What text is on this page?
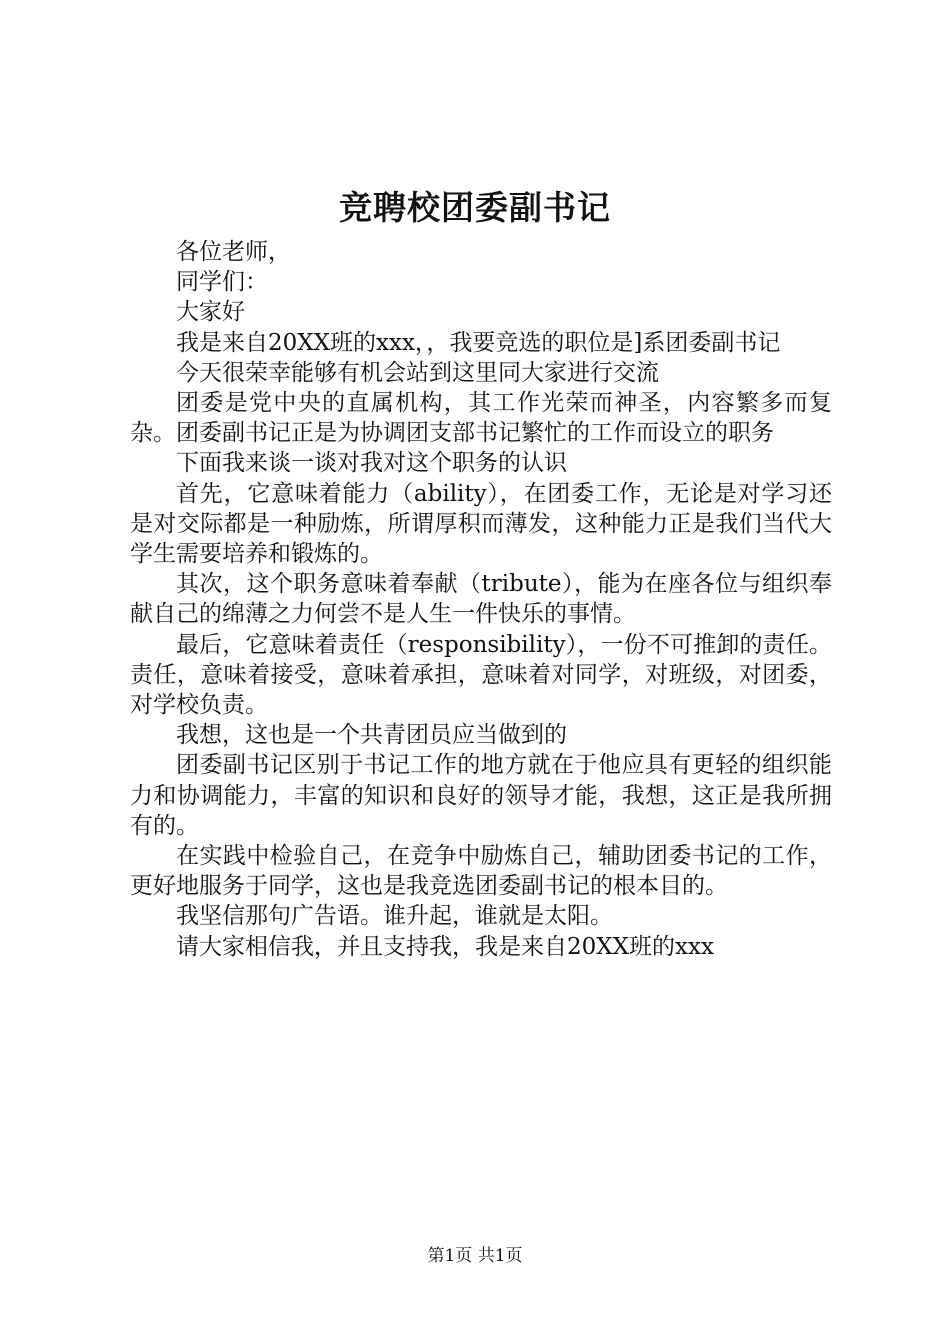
竞聘校团委副书记

各位老师，

同学们：

大家好

我是来自20XX班的xxx，，我要竞选的职位是]系团委副书记

今天很荣幸能够有机会站到这里同大家进行交流

团委是党中央的直属机构，其工作光荣而神圣，内容繁多而复杂。团委副书记正是为协调团支部书记繁忙的工作而设立的职务

下面我来谈一谈对我对这个职务的认识

首先，它意味着能力（ability），在团委工作，无论是对学习还是对交际都是一种励炼，所谓厚积而薄发，这种能力正是我们当代大学生需要培养和锻炼的。

其次，这个职务意味着奉献（tribute），能为在座各位与组织奉献自己的绵薄之力何尝不是人生一件快乐的事情。

最后，它意味着责任（responsibility），一份不可推卸的责任。责任，意味着接受，意味着承担，意味着对同学，对班级，对团委，对学校负责。

我想，这也是一个共青团员应当做到的

团委副书记区别于书记工作的地方就在于他应具有更轻的组织能力和协调能力，丰富的知识和良好的领导才能，我想，这正是我所拥有的。

在实践中检验自己，在竞争中励炼自己，辅助团委书记的工作，更好地服务于同学，这也是我竞选团委副书记的根本目的。

我坚信那句广告语。谁升起，谁就是太阳。

请大家相信我，并且支持我，我是来自20XX班的xxx

第1页 共1页
